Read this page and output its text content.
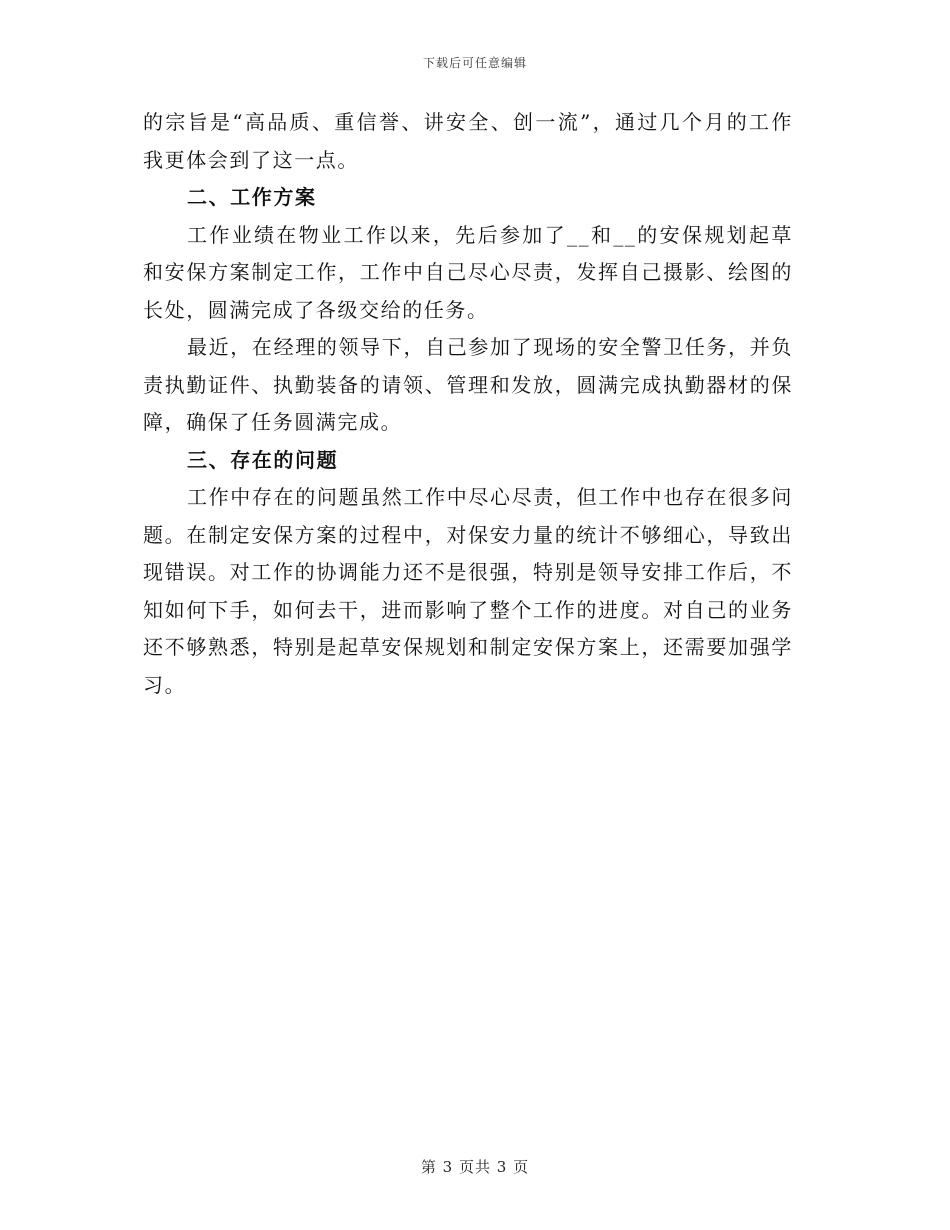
下载后可任意编辑

的宗旨是“高品质、重信誉、讲安全、创一流”，通过几个月的工作我更体会到了这一点。

二、工作方案

工作业绩在物业工作以来，先后参加了__和__的安保规划起草和安保方案制定工作，工作中自己尽心尽责，发挥自己摄影、绘图的长处，圆满完成了各级交给的任务。

最近，在经理的领导下，自己参加了现场的安全警卫任务，并负责执勤证件、执勤装备的请领、管理和发放，圆满完成执勤器材的保障，确保了任务圆满完成。

三、存在的问题

工作中存在的问题虽然工作中尽心尽责，但工作中也存在很多问题。在制定安保方案的过程中，对保安力量的统计不够细心，导致出现错误。对工作的协调能力还不是很强，特别是领导安排工作后，不知如何下手，如何去干，进而影响了整个工作的进度。对自己的业务还不够熟悉，特别是起草安保规划和制定安保方案上，还需要加强学习。

第 3 页共 3 页
